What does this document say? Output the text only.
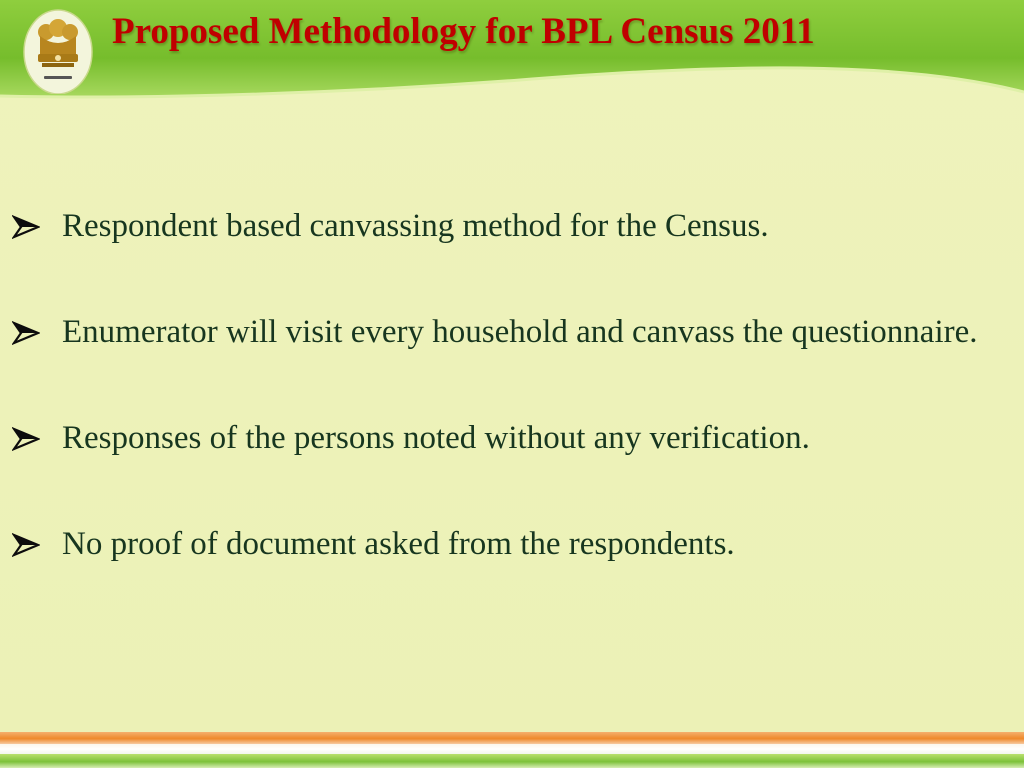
Proposed Methodology for BPL Census 2011
Respondent based canvassing method for the Census.
Enumerator will visit every household and canvass the questionnaire.
Responses of the persons noted without any verification.
No proof of document asked from the respondents.
